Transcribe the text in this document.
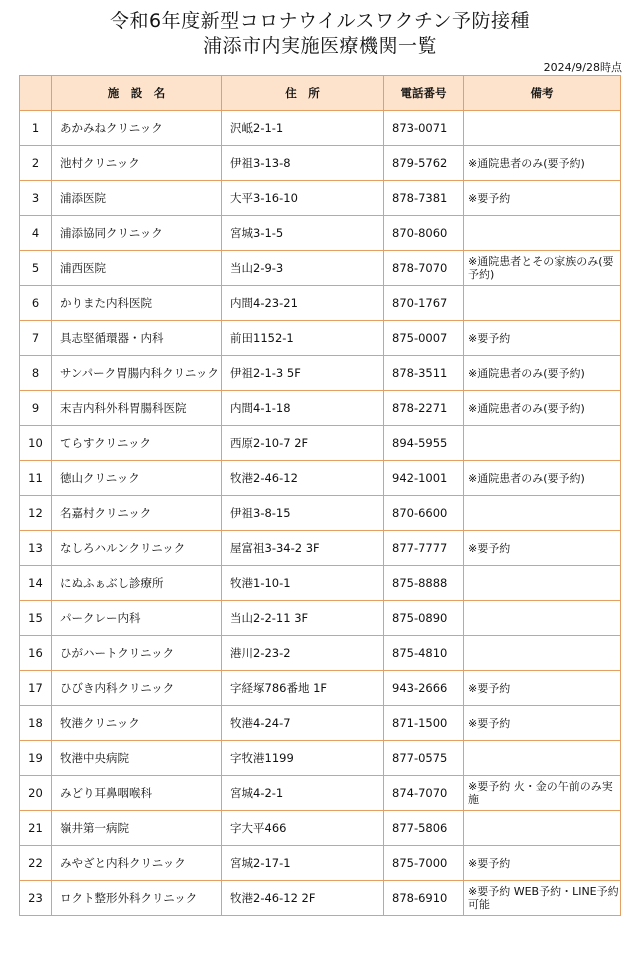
令和6年度新型コロナウイルスワクチン予防接種
浦添市内実施医療機関一覧
2024/9/28時点
	施　設　名	住　所	電話番号	備考
1	あかみねクリニック	沢岻2-1-1	873-0071	
2	池村クリニック	伊祖3-13-8	879-5762	※通院患者のみ(要予約)
3	浦添医院	大平3-16-10	878-7381	※要予約
4	浦添協同クリニック	宮城3-1-5	870-8060	
5	浦西医院	当山2-9-3	878-7070	※通院患者とその家族のみ(要予約)
6	かりまた内科医院	内間4-23-21	870-1767	
7	具志堅循環器・内科	前田1152-1	875-0007	※要予約
8	サンパーク胃腸内科クリニック	伊祖2-1-3 5F	878-3511	※通院患者のみ(要予約)
9	末吉内科外科胃腸科医院	内間4-1-18	878-2271	※通院患者のみ(要予約)
10	てらすクリニック	西原2-10-7 2F	894-5955	
11	徳山クリニック	牧港2-46-12	942-1001	※通院患者のみ(要予約)
12	名嘉村クリニック	伊祖3-8-15	870-6600	
13	なしろハルンクリニック	屋富祖3-34-2 3F	877-7777	※要予約
14	にぬふぁぶし診療所	牧港1-10-1	875-8888	
15	パークレー内科	当山2-2-11 3F	875-0890	
16	ひがハートクリニック	港川2-23-2	875-4810	
17	ひびき内科クリニック	字経塚786番地 1F	943-2666	※要予約
18	牧港クリニック	牧港4-24-7	871-1500	※要予約
19	牧港中央病院	字牧港1199	877-0575	
20	みどり耳鼻咽喉科	宮城4-2-1	874-7070	※要予約 火・金の午前のみ実施
21	嶺井第一病院	字大平466	877-5806	
22	みやざと内科クリニック	宮城2-17-1	875-7000	※要予約
23	ロクト整形外科クリニック	牧港2-46-12 2F	878-6910	※要予約 WEB予約・LINE予約可能
